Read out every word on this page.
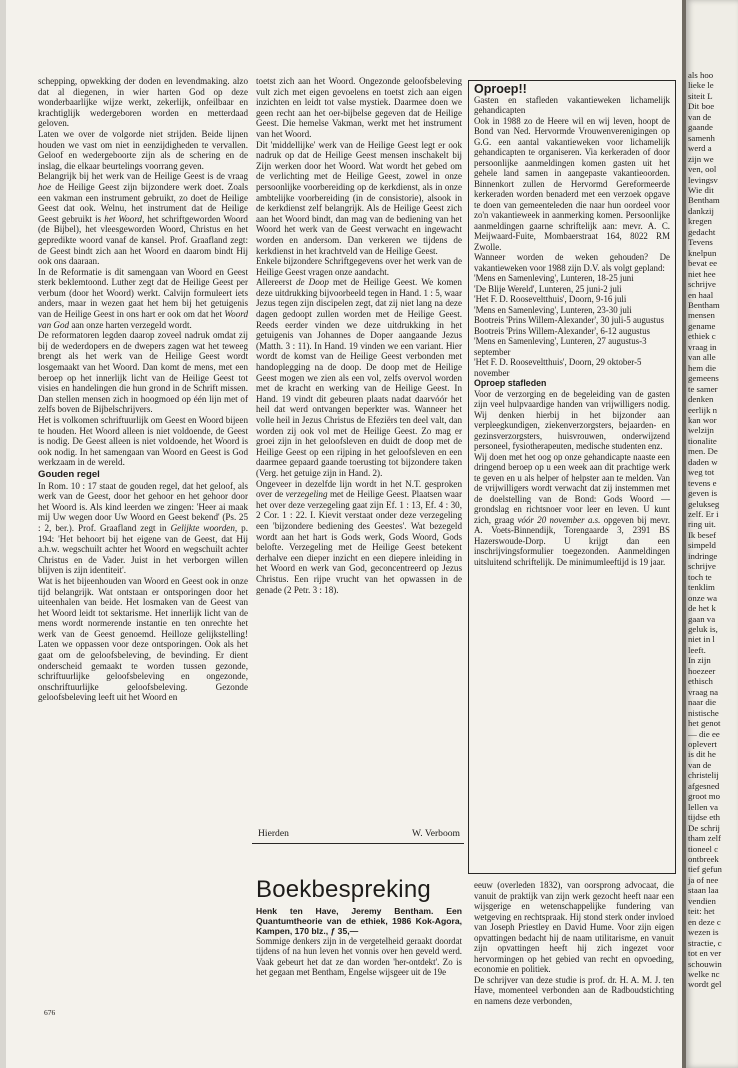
schepping, opwekking der doden en levendmaking. alzo dat al diegenen, in wier harten God op deze wonderbaarlijke wijze werkt, zekerlijk, onfeilbaar en krachtiglijk wedergeboren worden en metterdaad geloven.

Laten we over de volgorde niet strijden. Beide lijnen houden we vast om niet in eenzijdigheden te vervallen. Geloof en wedergeboorte zijn als de schering en de inslag, die elkaar beurtelings voorrang geven.

Belangrijk bij het werk van de Heilige Geest is de vraag hoe de Heilige Geest zijn bijzondere werk doet. Zoals een vakman een instrument gebruikt, zo doet de Heilige Geest dat ook. Welnu, het instrument dat de Heilige Geest gebruikt is het Woord, het schriftgeworden Woord (de Bijbel), het vleesgeworden Woord, Christus en het gepredikte woord vanaf de kansel. Prof. Graafland zegt: de Geest bindt zich aan het Woord en daarom bindt Hij ook ons daaraan.

In de Reformatie is dit samengaan van Woord en Geest sterk beklemtoond. Luther zegt dat de Heilige Geest per verbum (door het Woord) werkt. Calvijn formuleert iets anders, maar in wezen gaat het hem bij het getuigenis van de Heilige Geest in ons hart er ook om dat het Woord van God aan onze harten verzegeld wordt.

De reformatoren legden daarop zoveel nadruk omdat zij bij de wederdopers en de dwepers zagen wat het teweeg brengt als het werk van de Heilige Geest wordt losgemaakt van het Woord. Dan komt de mens, met een beroep op het innerlijk licht van de Heilige Geest tot visies en handelingen die hun grond in de Schrift missen. Dan stellen mensen zich in hoogmoed op één lijn met of zelfs boven de Bijbelschrijvers.

Het is volkomen schriftuurlijk om Geest en Woord bijeen te houden. Het Woord alleen is niet voldoende, de Geest is nodig. De Geest alleen is niet voldoende, het Woord is ook nodig. In het samengaan van Woord en Geest is God werkzaam in de wereld.

Gouden regel

In Rom. 10 : 17 staat de gouden regel, dat het geloof, als werk van de Geest, door het gehoor en het gehoor door het Woord is. Als kind leerden we zingen: 'Heer ai maak mij Uw wegen door Uw Woord en Geest bekend' (Ps. 25 : 2, ber.). Prof. Graafland zegt in Gelijkte woorden, p. 194: 'Het behoort bij het eigene van de Geest, dat Hij a.h.w. wegschuilt achter het Woord en wegschuilt achter Christus en de Vader. Juist in het verborgen willen blijven is zijn identiteit'.

Wat is het bijeenhouden van Woord en Geest ook in onze tijd belangrijk. Wat ontstaan er ontsporingen door het uiteenhalen van beide. Het losmaken van de Geest van het Woord leidt tot sektarisme. Het innerlijk licht van de mens wordt normerende instantie en ten onrechte het werk van de Geest genoemd. Heilloze gelijkstelling! Laten we oppassen voor deze ontsporingen. Ook als het gaat om de geloofsbeleving, de bevinding. Er dient onderscheid gemaakt te worden tussen gezonde, schriftuurlijke geloofsbeleving en ongezonde, onschriftuurlijke geloofsbeleving. Gezonde geloofsbeleving leeft uit het Woord en

toetst zich aan het Woord. Ongezonde geloofsbeleving vult zich met eigen gevoelens en toetst zich aan eigen inzichten en leidt tot valse mystiek. Daarmee doen we geen recht aan het oer-bijbelse gegeven dat de Heilige Geest. Die hemelse Vakman, werkt met het instrument van het Woord.

Dit 'middellijke' werk van de Heilige Geest legt er ook nadruk op dat de Heilige Geest mensen inschakelt bij Zijn werken door het Woord. Wat wordt het gebed om de verlichting met de Heilige Geest, zowel in onze persoonlijke voorbereiding op de kerkdienst, als in onze ambtelijke voorbereiding (in de consistorie), alsook in de kerkdienst zelf belangrijk. Als de Heilige Geest zich aan het Woord bindt, dan mag van de bediening van het Woord het werk van de Geest verwacht en ingewacht worden en andersom. Dan verkeren we tijdens de kerkdienst in het krachtveld van de Heilige Geest.

Enkele bijzondere Schriftgegevens over het werk van de Heilige Geest vragen onze aandacht.

Allereerst de Doop met de Heilige Geest. We komen deze uitdrukking bijvoorbeeld tegen in Hand. 1 : 5, waar Jezus tegen zijn discipelen zegt, dat zij niet lang na deze dagen gedoopt zullen worden met de Heilige Geest. Reeds eerder vinden we deze uitdrukking in het getuigenis van Johannes de Doper aangaande Jezus (Matth. 3 : 11). In Hand. 19 vinden we een variant. Hier wordt de komst van de Heilige Geest verbonden met handoplegging na de doop. De doop met de Heilige Geest mogen we zien als een vol, zelfs overvol worden met de kracht en werking van de Heilige Geest. In Hand. 19 vindt dit gebeuren plaats nadat daarvóór het heil dat werd ontvangen beperkter was. Wanneer het volle heil in Jezus Christus de Efeziërs ten deel valt, dan worden zij ook vol met de Heilige Geest. Zo mag er groei zijn in het geloofsleven en duidt de doop met de Heilige Geest op een rijping in het geloofsleven en een daarmee gepaard gaande toerusting tot bijzondere taken (Verg. het getuige zijn in Hand. 2).

Ongeveer in dezelfde lijn wordt in het N.T. gesproken over de verzegeling met de Heilige Geest. Plaatsen waar het over deze verzegeling gaat zijn Ef. 1 : 13, Ef. 4 : 30, 2 Cor. 1 : 22. I. Kievit verstaat onder deze verzegeling een 'bijzondere bediening des Geestes'. Wat bezegeld wordt aan het hart is Gods werk, Gods Woord, Gods belofte. Verzegeling met de Heilige Geest betekent derhalve een dieper inzicht en een diepere inleiding in het Woord en werk van God, geconcentreerd op Jezus Christus. Een rijpe vrucht van het opwassen in de genade (2 Petr. 3 : 18).

Hierden	W. Verboom

Oproep!!

Gasten en stafleden vakantieweken lichamelijk gehandicapten

Ook in 1988 zo de Heere wil en wij leven, hoopt de Bond van Ned. Hervormde Vrouwenverenigingen op G.G. een aantal vakantieweken voor lichamelijk gehandicapten te organiseren. Via kerkeraden of door persoonlijke aanmeldingen komen gasten uit het gehele land samen in aangepaste vakantieoorden. Binnenkort zullen de Hervormd Gereformeerde kerkeraden worden benaderd met een verzoek opgave te doen van gemeenteleden die naar hun oordeel voor zo'n vakantieweek in aanmerking komen. Persoonlijke aanmeldingen gaarne schriftelijk aan: mevr. A. C. Meijwaard-Fuite, Mombaerstraat 164, 8022 RM Zwolle.

Wanneer worden de weken gehouden? De vakantieweken voor 1988 zijn D.V. als volgt gepland:

'Mens en Samenleving', Lunteren, 18-25 juni

'De Blije Wereld', Lunteren, 25 juni-2 juli

'Het F. D. Rooseveltthuis', Doorn, 9-16 juli

'Mens en Samenleving', Lunteren, 23-30 juli

Bootreis 'Prins Willem-Alexander', 30 juli-5 augustus

Bootreis 'Prins Willem-Alexander', 6-12 augustus

'Mens en Samenleving', Lunteren, 27 augustus-3 september

'Het F. D. Rooseveltthuis', Doorn, 29 oktober-5 november

Oproep stafleden

Voor de verzorging en de begeleiding van de gasten zijn veel hulpvaardige handen van vrijwilligers nodig. Wij denken hierbij in het bijzonder aan verpleegkundigen, ziekenverzorgsters, bejaarden- en gezinsverzorgsters, huisvrouwen, onderwijzend personeel, fysiotherapeuten, medische studenten enz.

Wij doen met het oog op onze gehandicapte naaste een dringend beroep op u een week aan dit prachtige werk te geven en u als helper of helpster aan te melden. Van de vrijwilligers wordt verwacht dat zij instemmen met de doelstelling van de Bond: Gods Woord — grondslag en richtsnoer voor leer en leven. U kunt zich, graag vóór 20 november a.s. opgeven bij mevr. A. Voets-Binnendijk, Torengaarde 3, 2391 BS Hazerswoude-Dorp. U krijgt dan een inschrijvingsformulier toegezonden. Aanmeldingen uitsluitend schriftelijk. De minimumleeftijd is 19 jaar.

Boekbespreking

Henk ten Have, Jeremy Bentham. Een Quantumtheorie van de ethiek, 1986 Kok-Agora, Kampen, 170 blz., ƒ 35,—

Sommige denkers zijn in de vergetelheid geraakt doordat tijdens of na hun leven het vonnis over hen geveld werd. Vaak gebeurt het dat ze dan worden 'her-ontdekt'. Zo is het gegaan met Bentham, Engelse wijsgeer uit de 19e

eeuw (overleden 1832), van oorsprong advocaat, die vanuit de praktijk van zijn werk gezocht heeft naar een wijsgerige en wetenschappelijke fundering van wetgeving en rechtspraak. Hij stond sterk onder invloed van Joseph Priestley en David Hume. Voor zijn eigen opvattingen bedacht hij de naam utilitarisme, en vanuit zijn opvattingen heeft hij zich ingezet voor hervormingen op het gebied van recht en opvoeding, economie en politiek.

De schrijver van deze studie is prof. dr. H. A. M. J. ten Have, momenteel verbonden aan de Radboudstichting en namens deze verbonden,

676
als hoo
lieke le
siteit L
Dit boe
van de
gaande
samenh
werd a
zijn we
ven, ool
levingsv
Wie dit
Bentham
dankzij
kregen
gedacht
Tevens
knelpun
bevat ee
niet hee
schrijve
en haal
Bentham
mensen
gename
ethiek c
vraag in
van alle
hem die
gemeens
te samer
denken
eerlijk n
kan wor
welzijn
tionalite
men. De
daden w
weg tot
tevens e
geven is
gelukseg
zelf. Er i
ring uit.
Ik besef
simpeld
indringe
schrijve
toch te
tenklim
onze wa
de het k
gaan va
geluk is,
niet in l
leeft.
In zijn
hoezeer
ethisch
vraag na
naar die
nistische
het genot
— die ee
oplevert
is dit he
van de
christelij
afgesned
groot mo
lellen va
tijdse eth
De schrij
tham zelf
tioneel c
ontbreek
tief gefun
ja of nee
staan laa
vendien
teit: het
en deze c
wezen is
stractie, c
tot en ver
schouwin
welke nc
wordt gel
